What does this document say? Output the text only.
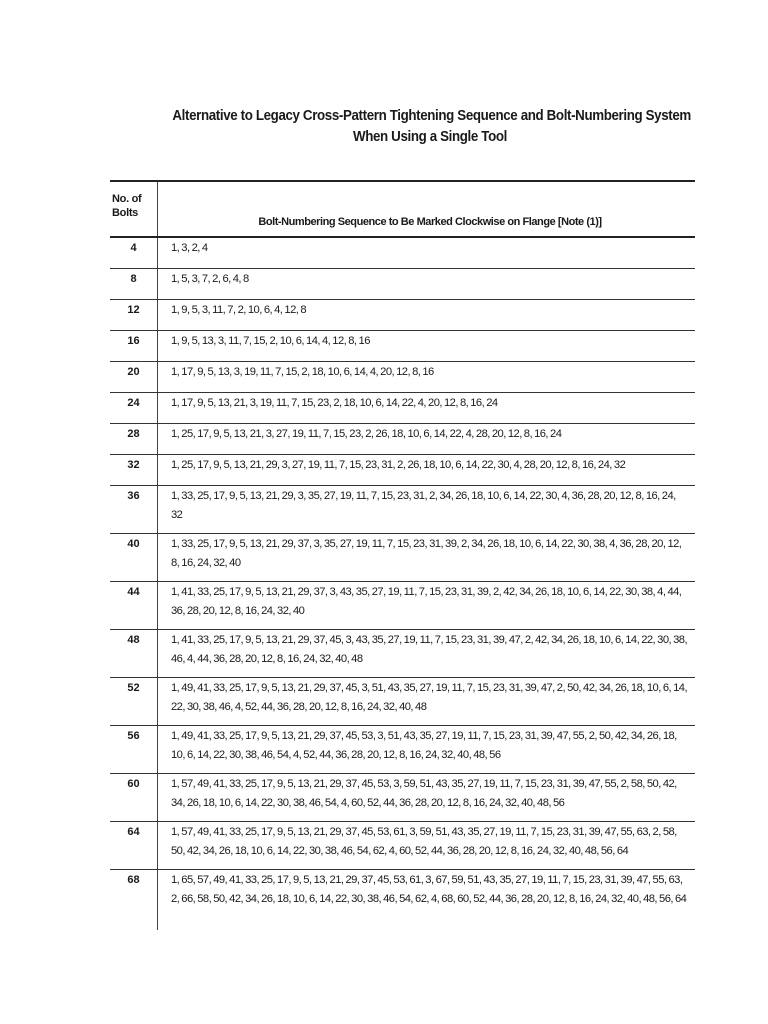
Alternative to Legacy Cross-Pattern Tightening Sequence and Bolt-Numbering System
When Using a Single Tool
No. of Bolts
Bolt-Numbering Sequence to Be Marked Clockwise on Flange [Note (1)]
4	1, 3, 2, 4
8	1, 5, 3, 7, 2, 6, 4, 8
12	1, 9, 5, 3, 11, 7, 2, 10, 6, 4, 12, 8
16	1, 9, 5, 13, 3, 11, 7, 15, 2, 10, 6, 14, 4, 12, 8, 16
20	1, 17, 9, 5, 13, 3, 19, 11, 7, 15, 2, 18, 10, 6, 14, 4, 20, 12, 8, 16
24	1, 17, 9, 5, 13, 21, 3, 19, 11, 7, 15, 23, 2, 18, 10, 6, 14, 22, 4, 20, 12, 8, 16, 24
28	1, 25, 17, 9, 5, 13, 21, 3, 27, 19, 11, 7, 15, 23, 2, 26, 18, 10, 6, 14, 22, 4, 28, 20, 12, 8, 16, 24
32	1, 25, 17, 9, 5, 13, 21, 29, 3, 27, 19, 11, 7, 15, 23, 31, 2, 26, 18, 10, 6, 14, 22, 30, 4, 28, 20, 12, 8, 16, 24, 32
36	1, 33, 25, 17, 9, 5, 13, 21, 29, 3, 35, 27, 19, 11, 7, 15, 23, 31, 2, 34, 26, 18, 10, 6, 14, 22, 30, 4, 36, 28, 20, 12, 8, 16, 24, 32
40	1, 33, 25, 17, 9, 5, 13, 21, 29, 37, 3, 35, 27, 19, 11, 7, 15, 23, 31, 39, 2, 34, 26, 18, 10, 6, 14, 22, 30, 38, 4, 36, 28, 20, 12, 8, 16, 24, 32, 40
44	1, 41, 33, 25, 17, 9, 5, 13, 21, 29, 37, 3, 43, 35, 27, 19, 11, 7, 15, 23, 31, 39, 2, 42, 34, 26, 18, 10, 6, 14, 22, 30, 38, 4, 44, 36, 28, 20, 12, 8, 16, 24, 32, 40
48	1, 41, 33, 25, 17, 9, 5, 13, 21, 29, 37, 45, 3, 43, 35, 27, 19, 11, 7, 15, 23, 31, 39, 47, 2, 42, 34, 26, 18, 10, 6, 14, 22, 30, 38, 46, 4, 44, 36, 28, 20, 12, 8, 16, 24, 32, 40, 48
52	1, 49, 41, 33, 25, 17, 9, 5, 13, 21, 29, 37, 45, 3, 51, 43, 35, 27, 19, 11, 7, 15, 23, 31, 39, 47, 2, 50, 42, 34, 26, 18, 10, 6, 14, 22, 30, 38, 46, 4, 52, 44, 36, 28, 20, 12, 8, 16, 24, 32, 40, 48
56	1, 49, 41, 33, 25, 17, 9, 5, 13, 21, 29, 37, 45, 53, 3, 51, 43, 35, 27, 19, 11, 7, 15, 23, 31, 39, 47, 55, 2, 50, 42, 34, 26, 18, 10, 6, 14, 22, 30, 38, 46, 54, 4, 52, 44, 36, 28, 20, 12, 8, 16, 24, 32, 40, 48, 56
60	1, 57, 49, 41, 33, 25, 17, 9, 5, 13, 21, 29, 37, 45, 53, 3, 59, 51, 43, 35, 27, 19, 11, 7, 15, 23, 31, 39, 47, 55, 2, 58, 50, 42, 34, 26, 18, 10, 6, 14, 22, 30, 38, 46, 54, 4, 60, 52, 44, 36, 28, 20, 12, 8, 16, 24, 32, 40, 48, 56
64	1, 57, 49, 41, 33, 25, 17, 9, 5, 13, 21, 29, 37, 45, 53, 61, 3, 59, 51, 43, 35, 27, 19, 11, 7, 15, 23, 31, 39, 47, 55, 63, 2, 58, 50, 42, 34, 26, 18, 10, 6, 14, 22, 30, 38, 46, 54, 62, 4, 60, 52, 44, 36, 28, 20, 12, 8, 16, 24, 32, 40, 48, 56, 64
68	1, 65, 57, 49, 41, 33, 25, 17, 9, 5, 13, 21, 29, 37, 45, 53, 61, 3, 67, 59, 51, 43, 35, 27, 19, 11, 7, 15, 23, 31, 39, 47, 55, 63, 2, 66, 58, 50, 42, 34, 26, 18, 10, 6, 14, 22, 30, 38, 46, 54, 62, 4, 68, 60, 52, 44, 36, 28, 20, 12, 8, 16, 24, 32, 40, 48, 56, 64
